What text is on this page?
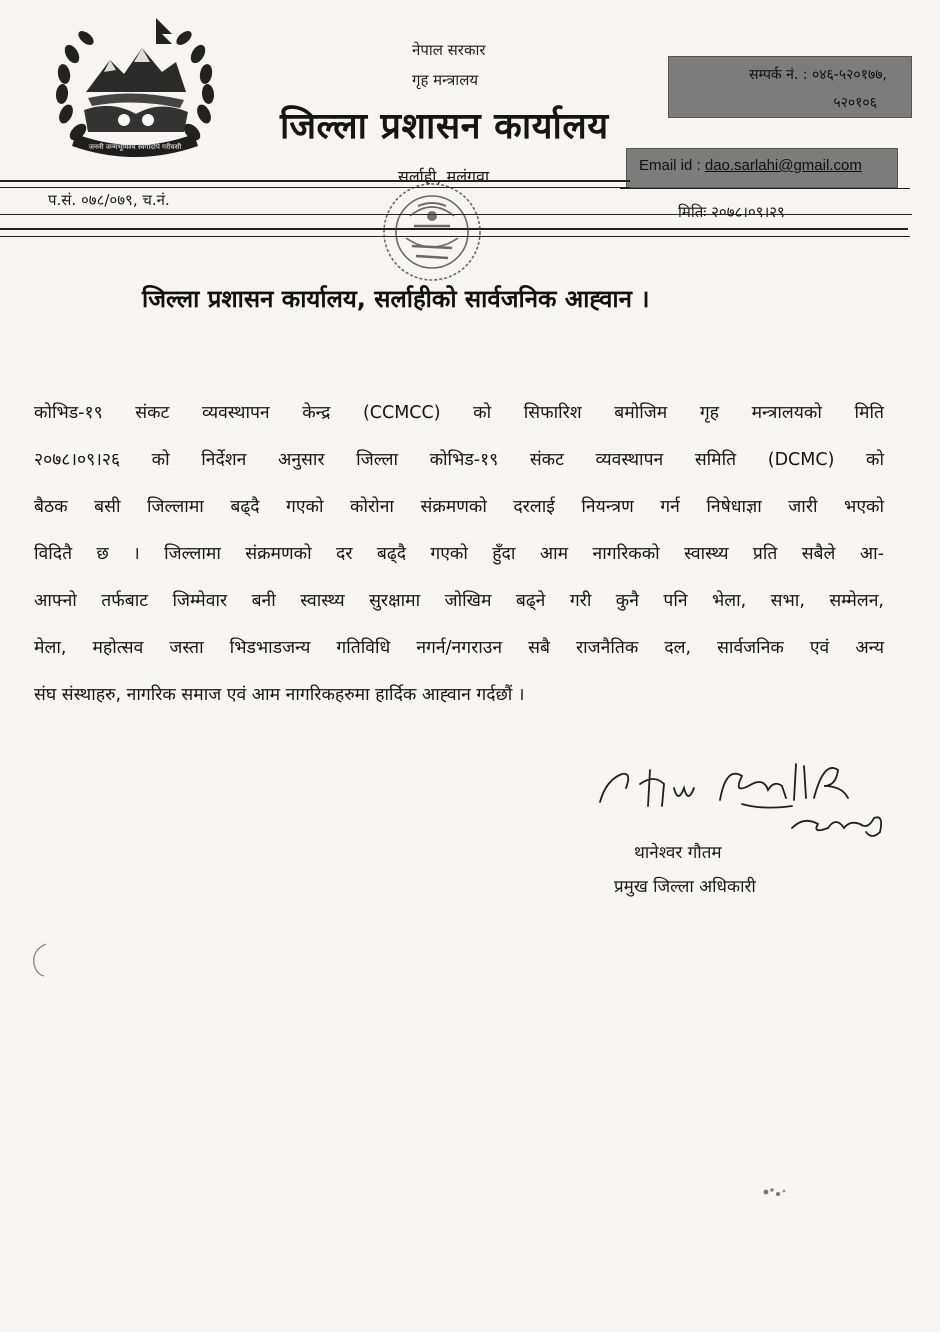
जननी जन्मभूमिश्च स्वर्गादपि गरीयसी
नेपाल सरकार
गृह मन्त्रालय
जिल्ला प्रशासन कार्यालय
सर्लाही, मलंगवा
सम्पर्क नं. : ०४६-५२०१७७,
५२०१०६
Email id : dao.sarlahi@gmail.com
प.सं. ०७८/०७९, च.नं.
मितिः २०७८।०९।२९
जिल्ला प्रशासन कार्यालय, सर्लाहीको सार्वजनिक आह्‍वान ।
कोभिड-१९ संकट व्यवस्थापन केन्द्र (CCMCC) को सिफारिश बमोजिम गृह मन्त्रालयको मिति
२०७८।०९।२६ को निर्देशन अनुसार जिल्ला कोभिड-१९ संकट व्यवस्थापन समिति (DCMC) को
बैठक बसी जिल्लामा बढ्दै गएको कोरोना संक्रमणको दरलाई नियन्त्रण गर्न निषेधाज्ञा जारी भएको
विदितै छ । जिल्लामा संक्रमणको दर बढ्दै गएको हुँदा आम नागरिकको स्वास्थ्य प्रति सबैले आ-
आफ्नो तर्फबाट जिम्मेवार बनी स्वास्थ्य सुरक्षामा जोखिम बढ्ने गरी कुनै पनि भेला, सभा, सम्मेलन,
मेला, महोत्सव जस्ता भिडभाडजन्य गतिविधि नगर्न/नगराउन सबै राजनैतिक दल, सार्वजनिक एवं अन्य
संघ संस्थाहरु, नागरिक समाज एवं आम नागरिकहरुमा हार्दिक आह्‍वान गर्दछौं ।
थानेश्वर गौतम
प्रमुख जिल्ला अधिकारी
